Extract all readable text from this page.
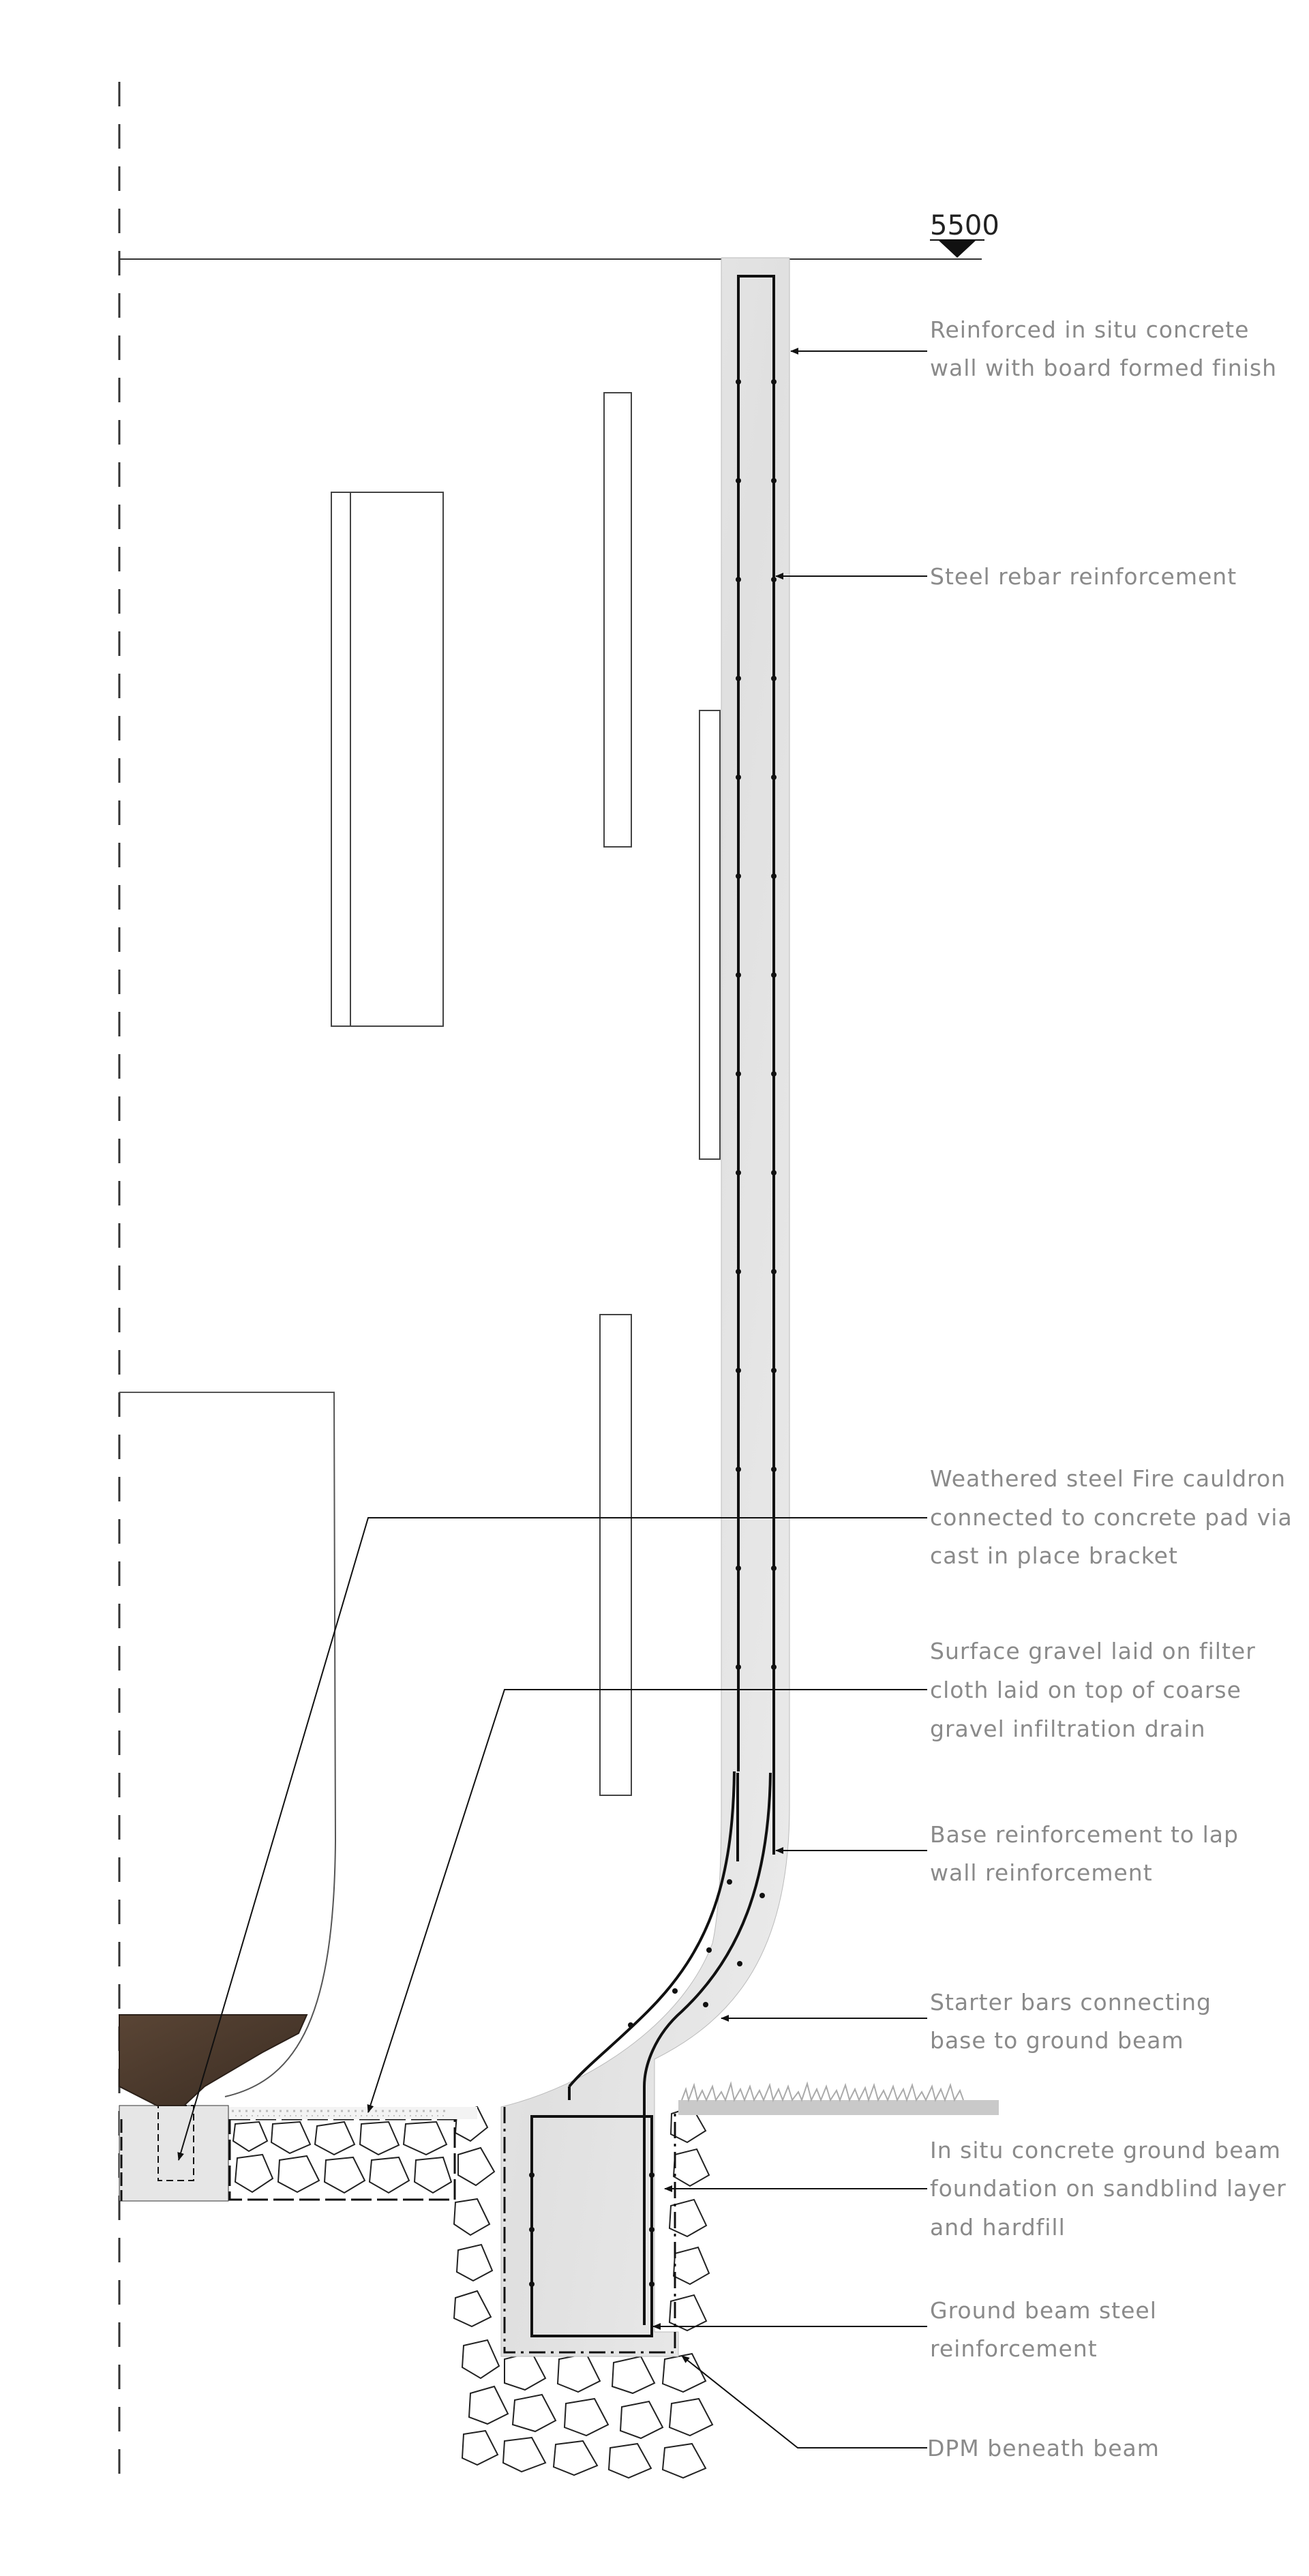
5500
Reinforced in situ concrete wall with board formed finish
Steel rebar reinforcement
Weathered steel Fire cauldron connected to concrete pad via cast in place bracket
Surface gravel laid on filter cloth laid on top of coarse gravel infiltration drain
Base reinforcement to lap wall reinforcement
Starter bars connecting base to ground beam
In situ concrete ground beam foundation on sandblind layer and hardfill
Ground beam steel reinforcement
DPM beneath beam
